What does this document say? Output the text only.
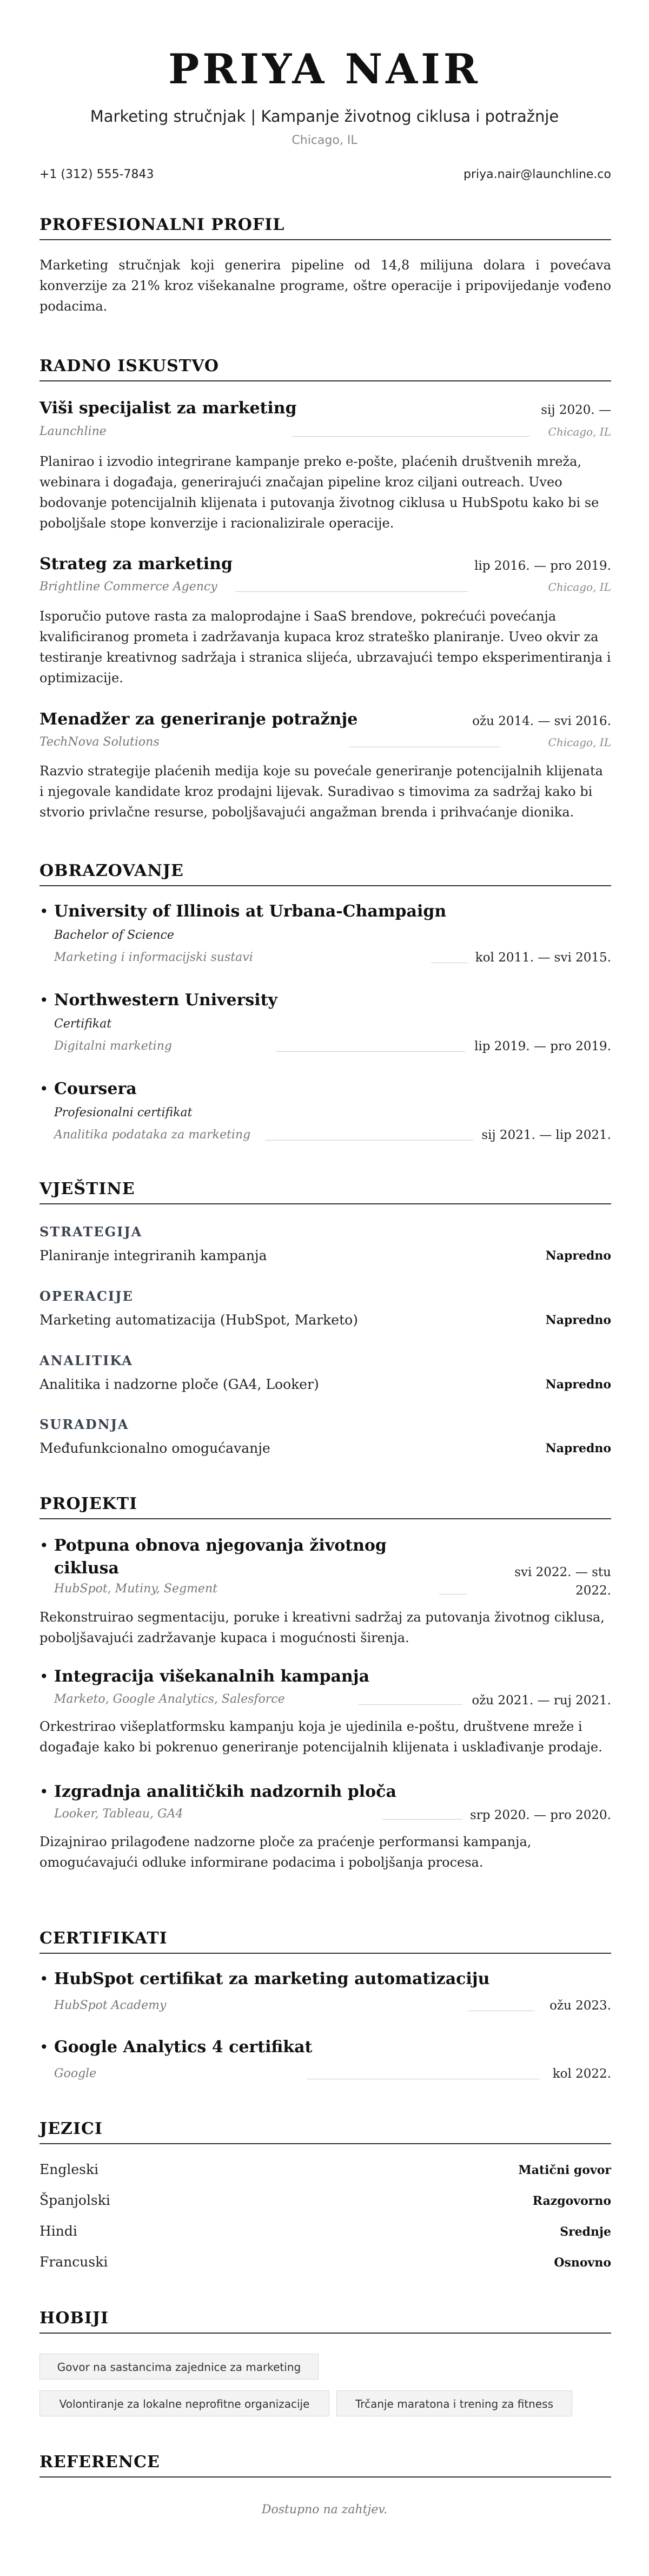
PRIYA NAIR
Marketing stručnjak | Kampanje životnog ciklusa i potražnje
Chicago, IL
+1 (312) 555-7843	priya.nair@launchline.co
PROFESIONALNI PROFIL
Marketing stručnjak koji generira pipeline od 14,8 milijuna dolara i povećava konverzije za 21% kroz višekanalne programe, oštre operacije i pripovijedanje vođeno podacima.
RADNO ISKUSTVO
Viši specijalist za marketing	sij 2020. —
Launchline	Chicago, IL
Planirao i izvodio integrirane kampanje preko e-pošte, plaćenih društvenih mreža, webinara i događaja, generirajući značajan pipeline kroz ciljani outreach. Uveo bodovanje potencijalnih klijenata i putovanja životnog ciklusa u HubSpotu kako bi se poboljšale stope konverzije i racionalizirale operacije.
Strateg za marketing	lip 2016. — pro 2019.
Brightline Commerce Agency	Chicago, IL
Isporučio putove rasta za maloprodajne i SaaS brendove, pokrećući povećanja kvalificiranog prometa i zadržavanja kupaca kroz strateško planiranje. Uveo okvir za testiranje kreativnog sadržaja i stranica slijeća, ubrzavajući tempo eksperimentiranja i optimizacije.
Menadžer za generiranje potražnje	ožu 2014. — svi 2016.
TechNova Solutions	Chicago, IL
Razvio strategije plaćenih medija koje su povećale generiranje potencijalnih klijenata i njegovale kandidate kroz prodajni lijevak. Suradivao s timovima za sadržaj kako bi stvorio privlačne resurse, poboljšavajući angažman brenda i prihvaćanje dionika.
OBRAZOVANJE
• University of Illinois at Urbana-Champaign
Bachelor of Science
Marketing i informacijski sustavi	kol 2011. — svi 2015.
• Northwestern University
Certifikat
Digitalni marketing	lip 2019. — pro 2019.
• Coursera
Profesionalni certifikat
Analitika podataka za marketing	sij 2021. — lip 2021.
VJEŠTINE
STRATEGIJA
Planiranje integriranih kampanja	Napredno
OPERACIJE
Marketing automatizacija (HubSpot, Marketo)	Napredno
ANALITIKA
Analitika i nadzorne ploče (GA4, Looker)	Napredno
SURADNJA
Međufunkcionalno omogućavanje	Napredno
PROJEKTI
• Potpuna obnova njegovanja životnog
ciklusa	svi 2022. — stu
2022.
HubSpot, Mutiny, Segment
Rekonstruirao segmentaciju, poruke i kreativni sadržaj za putovanja životnog ciklusa, poboljšavajući zadržavanje kupaca i mogućnosti širenja.
• Integracija višekanalnih kampanja
Marketo, Google Analytics, Salesforce	ožu 2021. — ruj 2021.
Orkestrirao višeplatformsku kampanju koja je ujedinila e-poštu, društvene mreže i događaje kako bi pokrenuo generiranje potencijalnih klijenata i usklađivanje prodaje.
• Izgradnja analitičkih nadzornih ploča
Looker, Tableau, GA4	srp 2020. — pro 2020.
Dizajnirao prilagođene nadzorne ploče za praćenje performansi kampanja, omogućavajući odluke informirane podacima i poboljšanja procesa.
CERTIFIKATI
• HubSpot certifikat za marketing automatizaciju
HubSpot Academy	ožu 2023.
• Google Analytics 4 certifikat
Google	kol 2022.
JEZICI
Engleski	Matični govor
Španjolski	Razgovorno
Hindi	Srednje
Francuski	Osnovno
HOBIJI
Govor na sastancima zajednice za marketing
Volontiranje za lokalne neprofitne organizacije	Trčanje maratona i trening za fitness
REFERENCE
Dostupno na zahtjev.
